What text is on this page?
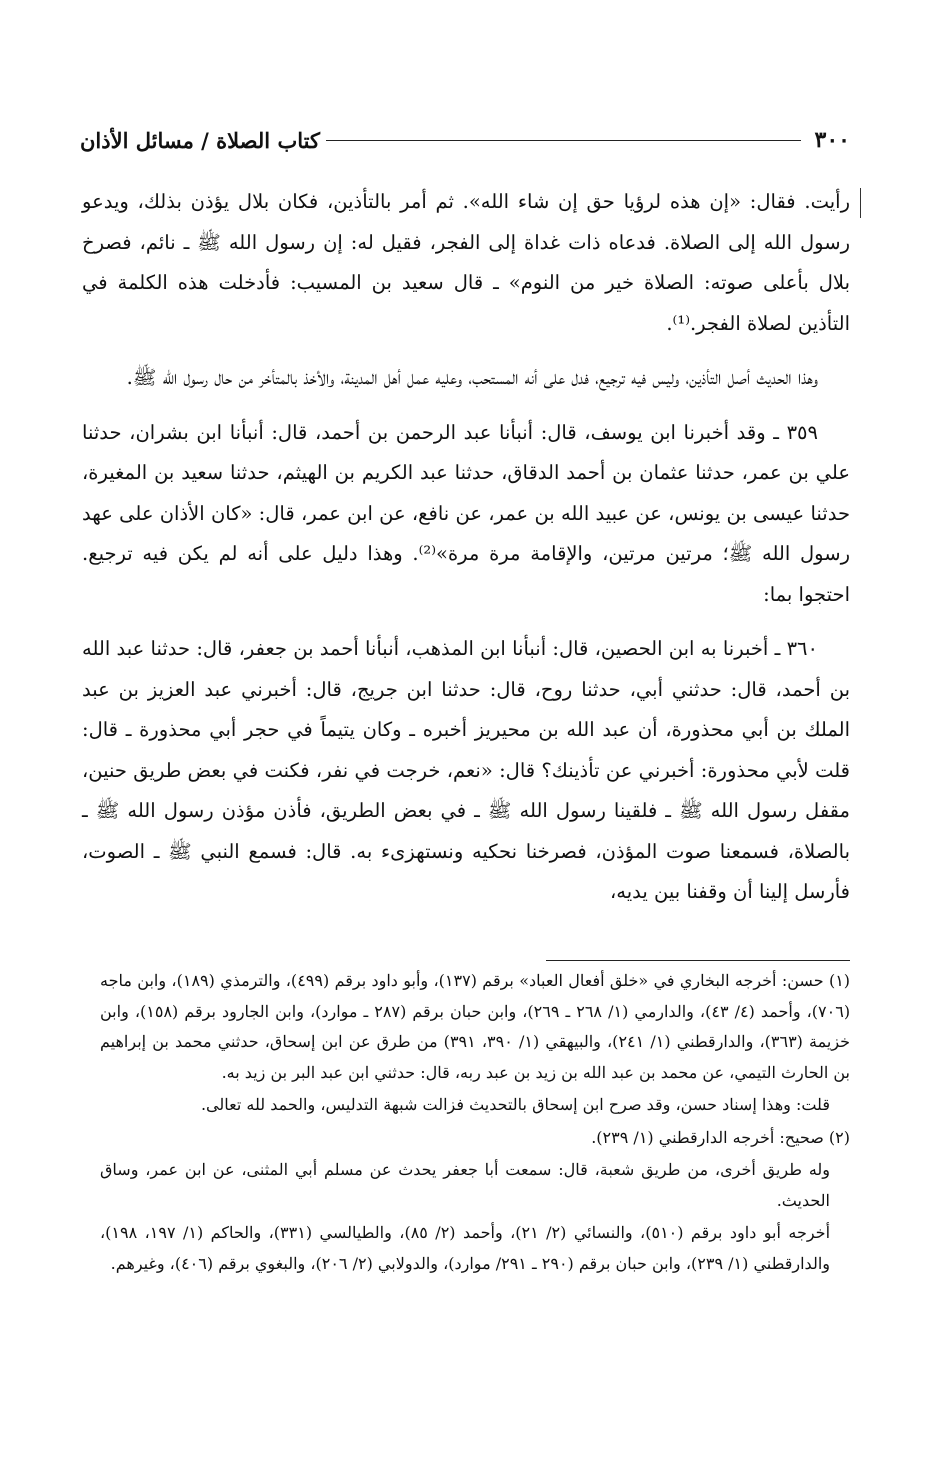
٣٠٠
كتاب الصلاة / مسائل الأذان

رأيت. فقال: «إن هذه لرؤيا حق إن شاء الله». ثم أمر بالتأذين، فكان بلال يؤذن بذلك، ويدعو رسول الله إلى الصلاة. فدعاه ذات غداة إلى الفجر، فقيل له: إن رسول الله ﷺ ـ نائم، فصرخ بلال بأعلى صوته: الصلاة خير من النوم» ـ قال سعيد بن المسيب: فأدخلت هذه الكلمة في التأذين لصلاة الفجر.⁽¹⁾.

وهذا الحديث أصل التأذين، وليس فيه ترجيع، فدل على أنه المستحب، وعليه عمل أهل المدينة، والأخذ بالمتأخر من حال رسول الله ﷺ.

٣٥٩ ـ وقد أخبرنا ابن يوسف، قال: أنبأنا عبد الرحمن بن أحمد، قال: أنبأنا ابن بشران، حدثنا علي بن عمر، حدثنا عثمان بن أحمد الدقاق، حدثنا عبد الكريم بن الهيثم، حدثنا سعيد بن المغيرة، حدثنا عيسى بن يونس، عن عبيد الله بن عمر، عن نافع، عن ابن عمر، قال: «كان الأذان على عهد رسول الله ﷺ؛ مرتين مرتين، والإقامة مرة مرة»⁽²⁾. وهذا دليل على أنه لم يكن فيه ترجيع. احتجوا بما:

٣٦٠ ـ أخبرنا به ابن الحصين، قال: أنبأنا ابن المذهب، أنبأنا أحمد بن جعفر، قال: حدثنا عبد الله بن أحمد، قال: حدثني أبي، حدثنا روح، قال: حدثنا ابن جريج، قال: أخبرني عبد العزيز بن عبد الملك بن أبي محذورة، أن عبد الله بن محيريز أخبره ـ وكان يتيماً في حجر أبي محذورة ـ قال: قلت لأبي محذورة: أخبرني عن تأذينك؟ قال: «نعم، خرجت في نفر، فكنت في بعض طريق حنين، مقفل رسول الله ﷺ ـ فلقينا رسول الله ﷺ ـ في بعض الطريق، فأذن مؤذن رسول الله ﷺ ـ بالصلاة، فسمعنا صوت المؤذن، فصرخنا نحكيه ونستهزىء به. قال: فسمع النبي ﷺ ـ الصوت، فأرسل إلينا أن وقفنا بين يديه،

(١) حسن: أخرجه البخاري في «خلق أفعال العباد» برقم (١٣٧)، وأبو داود برقم (٤٩٩)، والترمذي (١٨٩)، وابن ماجه (٧٠٦)، وأحمد (٤/ ٤٣)، والدارمي (١/ ٢٦٨ ـ ٢٦٩)، وابن حبان برقم (٢٨٧ ـ موارد)، وابن الجارود برقم (١٥٨)، وابن خزيمة (٣٦٣)، والدارقطني (١/ ٢٤١)، والبيهقي (١/ ٣٩٠، ٣٩١) من طرق عن ابن إسحاق، حدثني محمد بن إبراهيم بن الحارث التيمي، عن محمد بن عبد الله بن زيد بن عبد ربه، قال: حدثني ابن عبد البر بن زيد به.

قلت: وهذا إسناد حسن، وقد صرح ابن إسحاق بالتحديث فزالت شبهة التدليس، والحمد لله تعالى.

(٢) صحيح: أخرجه الدارقطني (١/ ٢٣٩).

وله طريق أخرى، من طريق شعبة، قال: سمعت أبا جعفر يحدث عن مسلم أبي المثنى، عن ابن عمر، وساق الحديث.

أخرجه أبو داود برقم (٥١٠)، والنسائي (٢/ ٢١)، وأحمد (٢/ ٨٥)، والطيالسي (٣٣١)، والحاكم (١/ ١٩٧، ١٩٨)، والدارقطني (١/ ٢٣٩)، وابن حبان برقم (٢٩٠ ـ ٢٩١/ موارد)، والدولابي (٢/ ٢٠٦)، والبغوي برقم (٤٠٦)، وغيرهم.
